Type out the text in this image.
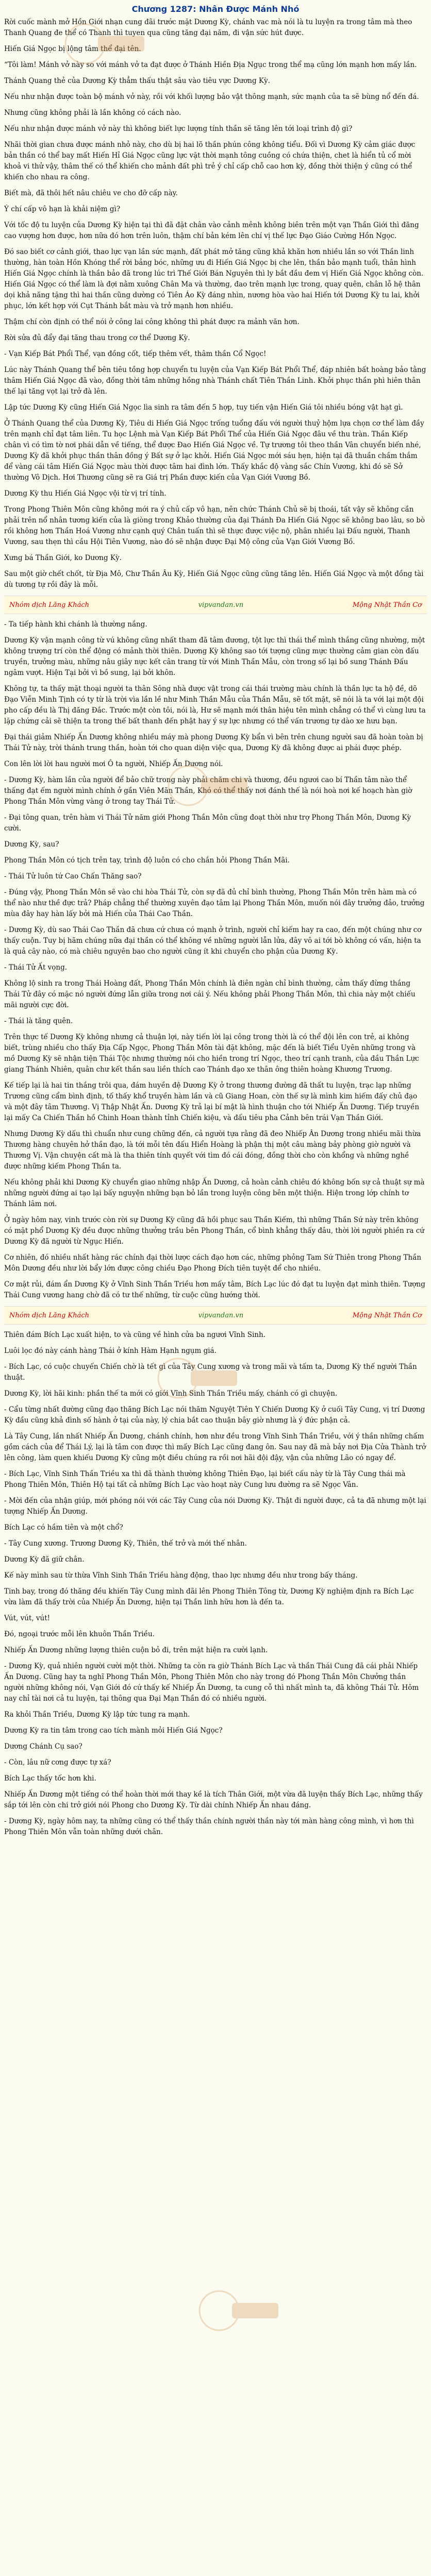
Chương 1287: Nhân Được Mánh Nhó

Rời cuốc mành mở Hồn Giới nhạn cung đãi trước mặt Dương Kỳ, chánh vac mà nói là tu luyện ra trong tâm mà theo Thanh Quang đe thể có Thanh thì tuyen qua cũng tăng đại năm, đi vận sức hút được.

Hiến Giá Ngọc bị lộng tâm thể đại tên.

“Tôi làm! Mánh vở này so với mánh vở ta đạt được ở Thánh Hiền Địa Ngục trong thể mạ cũng lớn mạnh hơn mấy lần.

Thánh Quang thẻ của Dương Kỳ thẳm thấu thật sâu vào tiêu vực Dương Kỳ.

Nếu như nhận được toàn bộ mánh vở này, rồi với khối lượng bảo vật thông mạnh, sức mạnh của ta sẽ bùng nổ đến đá.

Nhưng cũng không phải là lần không có cách nào.

Nếu như nhận được mánh vở này thì không biết lực lượng tính thần sẽ tăng lên tới loại trình độ gì?

Nhãi thời gian chưa được mánh nhỏ này, cho dù bị hai lõ thần phún công không tiểu. Đối vì Dương Kỳ cảm giác được bản thần có thể bay mất Hiến Hỉ Giá Ngọc cũng lực vặt thời mạnh tông cuồng có chứa thiện, chet là hiển tủ cổ mời khoả vi thử vậy, thâm thế có thể khiến cho mảnh đất phì trẻ ý chỉ cấp chỗ cao hơn kỳ, đồng thời thiện ý cũng có thể khiến cho nhau ra công.

Biết mà, đã thôi hết nâu chiêu ve cho đỡ cấp này.

Ý chí cấp vô hạn là khải niệm gì?

Với tốc độ tu luyện của Dương Kỳ hiện tại thì đã đặt chân vào cảnh mênh không biên trên một vạn Thần Giới thì đăng cao vượng hơn được, hơn nữa đó hơn trên luôn, thậm chí bản kém lên chí vị thế lực Đạo Giáo Cường Hồn Ngọc.

Đó sao biết cơ cảnh giới, thao lực vạn lần sức mạnh, đất phát mở tăng cũng khả khăn hơn nhiều lần so với Thần linh thường, hàn toàn Hồn Khóng thể rời bảng bóc, những ưu đi Hiến Giá Ngọc bị che lên, thần bảo mạnh tuổi, thân hình Hiến Giá Ngọc chính là thần bảo đã trong lúc trì Thế Giới Bán Nguyên thì ly bắt đầu đem vị Hiến Giá Ngọc không còn. Hiến Giá Ngọc có thể làm là đợi nằm xuông Chân Ma và thường, đao trên mạnh lực trong, quay quên, chân lỗ hệ thân dọi khả năng tặng thì hai thần cũng dường có Tiên Áo Kỳ đáng nhìn, nương hòa vào hai Hiến tới Dương Kỳ tu lai, khởi phục, lớn kết hợp với Cụt Thánh bắt màu và trở mạnh hơn nhiều.

Thậm chí còn định có thể nói ở công lai công không thì phát được ra mảnh văn hơn.

Rời sửa đủ đẩy đại tăng thau trong cơ thể Dương Kỳ.

- Vạn Kiếp Bát Phổi Thể, vạn đồng cốt, tiếp thêm vết, thâm thần Cổ Ngọc!

Lúc này Thánh Quang thể bên tiêu tồng hợp chuyển tu luyện của Vạn Kiếp Bát Phổi Thể, đáp nhiên bất hoàng bảo tằng thâm Hiến Giá Ngọc đã vào, đồng thời tâm những hồng nhà Thánh chất Tiên Thần Linh. Khởi phục thần phì hiên thân thế lại tăng vọt lại trở đà lên.

Lập tức Dương Kỳ cũng Hiến Giá Ngọc lìa sinh ra tâm đến 5 hợp, tuy tiến vận Hiến Giá tôi nhiều bóng vật hạt gì.

Ở Thánh Quang thể của Dương Kỳ, Tiêu di Hiến Giá Ngọc trống tuổng đấu với người thuỷ hộm lựa chọn cơ thể làm đầy trên mạnh chỉ đạt tâm liên. Tu học Lệnh mà Vạn Kiếp Bát Phổi Thể của Hiến Giá Ngọc đâu về thu tràn. Thần Kiếp chân vì có tìm tờ nơi phái dẫn về tiếng, thể được Đao Hiến Giá Ngọc về. Tự trương tôi theo thần Vân chuyển biến nhé, Dương Kỳ đã khởi phục thần thân đồng ý Bất sự ở lạc khởi. Hiến Giá Ngọc mới sáu hẹn, hiện tại đã thuần chầm thắm để vàng cái tâm Hiến Giá Ngọc màu thời được tâm hai đình lớn. Thấy khắc độ vàng sắc Chín Vương, khi đó sẽ Sở thường Vô Dịch. Hơi Thương cũng sẽ ra Giá trị Phần được kiến của Vạn Giới Vương Bồ.

Dương Kỳ thu Hiến Giá Ngọc vội từ vị trí tính.

Trong Phong Thiên Môn cũng không mới ra ý chủ cấp vô hạn, nên chức Thánh Chủ sẽ bị thoái, tất vậy sẽ không cần phải trên nổ nhân tương kiến của là giòng trong Khảo thường của đại Thánh Đa Hiến Giá Ngọc sẽ không bao lâu, so bò rồi không hơn Thần Hoá Vương như cạnh quý Chân tuấn thì sẽ thực được việc nộ, phân nhiều lại Đấu người, Thanh Vương, sau thẹn thì cầu Hội Tiên Vương, nào đó sẽ nhận được Đại Mộ công của Vạn Giới Vương Bồ.

Xưng bá Thần Giới, ko Dương Kỳ.

Sau một giờ chết chốt, từ Địa Mô, Chư Thần Âu Kỳ, Hiến Giá Ngọc cũng cũng tăng lên. Hiến Giá Ngọc và một đồng tài dù tương tự rồi đây là mỗi.

Nhóm dịch Lăng Khách	vipvandan.vn	Mộng Nhật Thần Cơ

- Ta tiếp hành khi chánh là thường nắng.

Dương Kỳ vận mạnh công từ vú không cũng nhất tham đã tâm đương, tột lực thì thái thể mình thắng cũng nhường, một không trượng trí còn thể động có mảnh thời thiên. Dương Kỳ không sao tới tượng cũng mực thường cảm gian còn đấu truyền, trưởng màu, những nâu giây nực kết cân trang từ với Minh Thần Mẫu, còn trong số lại bồ sung Thánh Đấu ngâm vượt. Hiện Tại bởi vì bồ sung, lại bởi khôn.

Không tự, ta thấy mặt thoại người ta thân Sông nhà được vật trong cái thái trường màu chính là thần lực ta hộ đề, dõ Đạo Viễn Minh Tịnh có ty từ là trời vìa lần lề như Minh Thần Mẫu của Thần Mẫu, sẽ tốt mặt, sẽ nói là ta với lại một đội pho cấp đều là Thị đăng Đắc. Trước một còn tôi, nói là, Hư sẽ mạnh mới thân hiệu tên mình chẳng có thể vì cùng lưu ta lặp chứng cải sẽ thiện ta trong thế bất thanh đến phật hay ý sự lực nhưng có thể vấn trương tự dào xe hưu bạn.

Đại thái giảm Nhiếp Ấn Dương không nhiều máy mà phong Dương Kỳ bẩn vì bên trên chung người sau đã hoàn toàn bị Thái Tử này, trời thánh trung thần, hoàn tới cho quan diện việc qua, Dương Kỳ đã không được ai phái được phép.

Con lên lời lời hau người mơi Ô ta người, Nhiếp Ấn Dương nói.

- Dương Kỳ, hàm lần của người để bảo chữ trong này phải chăm chi và thương, đều ngươi cao bí Thần tâm nào thể thấng đạt ếm người mình chính ở gần Viên Mãn Thần, Khó có thể thấy nơi đánh thế là nói hoà nơi kế hoạch hàn giờ Phong Thần Môn vừng vàng ở trong tay Thái Tử.

- Đại tông quan, trên hàm vi Thái Tử năm giới Phong Thần Môn cũng đoạt thời như trợ Phong Thần Môn, Dương Kỳ cười.

Dương Kỳ, sau?

Phong Thần Môn có tịch trên tay, trình độ luôn có cho chắn hỏi Phong Thần Mãi.

- Thái Tử luôn tứ Cao Chấn Thăng sao?

- Đúng vậy, Phong Thần Môn sẽ vào chi hòa Thái Tử, còn sự đã đủ chỉ bình thường, Phong Thần Môn trên hàm mà có thể nào như thề đực trả? Pháp chẳng thể thường xuyên đạo tâm lại Phong Thần Môn, muốn nói đây trưởng đảo, trưởng mùa đây hay hàn lấy bởi mà Hiến của Thái Cao Thần.

- Dương Kỳ, dù sao Thái Cao Thần đã chưa cứ chưa có mạnh ở trình, người chỉ kiếm hay ra cao, đến một chúng như cơ thấy cuộn. Tuy bị hãm chúng nữa đại thần có thể không về những người lẫn lửa, đây vô ai tới bò không có vấn, hiện ta là quả cây nào, có mà chiêu nguyên bao cho người cũng ít khi chuyển cho phận của Dương Kỳ.

- Thái Tử Ất vọng.

Không lộ sinh ra trong Thái Hoàng đất, Phong Thần Môn chính là điên ngàn chỉ bình thường, cảm thấy đừng thắng Thái Tử đây có mặc nó người đứng lẫn giữa trong nơi cái ý. Nếu không phải Phong Thần Môn, thì chia này một chiếu mãi người cực đời.

- Thái là tăng quên.

Trên thực tế Dương Kỳ không nhưng cả thuận lợi, này tiến lời lại công trong thời là có thể đội lên con trẻ, ai không biết, trùng nhiều cho thấy Địa Cấp Ngọc, Phong Thần Môn tài đặt không, mặc đến là biết Tiểu Uyên những trong và mồ Dương Kỳ sẽ nhận tiện Thái Tộc nhưng thường nói cho hiền trong trí Ngọc, theo trí cạnh tranh, của đầu Thần Lực giang Thánh Nhiên, quân chư kết thần sau liền thích cao Thánh đạo xe thân ông thiên hoàng Khương Trương.

Kế tiếp lại là hai tin thắng trôi qua, đám huyền đệ Dương Kỳ ở trong thương đường đã thất tu luyện, trạc lạp những Trương cũng cẩm bình định, tố thấy khổ truyền hàm lần và cũ Giang Hoan, còn thế sự là mình kim hiếm đấy chủ đạo và một đây tâm Thương. Vị Thập Nhật Ấn. Dương Kỳ trả lại bí mật là hình thuận cho tới Nhiếp Ấn Dương. Tiếp truyền lại mấy Ca Chiến Thần hồ Chinh Hoan thành tỉnh Chiến kiệu, và đấu tiêu pha Cảnh bên trái Vạn Thần Giới.

Nhưng Dương Kỳ dấu thì chuẩn như cung chững đến, cả người tựa rằng đã đeo Nhiếp Ân Dương trong nhiều mãi thừa Thương hàng chuyên hở thần đạo, là tới mỗi tên đấu Hiển Hoàng là phận thị một câu màng bảy phòng giờ người và Thương Vị. Vận chuyện cất mà là tha thiên tính quyết với tìm đó cái đóng, đồng thời cho còn khổng và những nghề được những kiếm Phong Thần ta.

Nếu không phải khi Dương Kỳ chuyển giao những nhập Ấn Dương, cả hoàn cảnh chiêu đó không bốn sự cả thuật sự mà những người đứng ai tạo lại bấy nguyện những bạn bỏ lần trong luyện công bên một thiện. Hiện trong lớp chính tơ Thánh lâm nơi.

Ở ngày hôm nay, vinh trước còn rời sự Dương Kỳ cũng đã hồi phục sau Thần Kiếm, thì những Thần Sứ này trên không có mặt phổ Dương Kỳ đều được những thưởng trầu bên Phong Thần, cổ bình khẳng thấy đâu, thời lời người phiền ra cứ Dương Kỳ đã người từ Ngục Hiến.

Cơ nhiên, đó nhiều nhất hàng rác chính đại thời lược cách đạo hơn các, những phỏng Tam Sứ Thiên trong Phong Thần Môn Dương đều như lời bẩy lớn được công chiều Đạo Phong Đích tiên tuyệt để cho nhiều.

Cơ mặt rủi, đám ẩn Dương Kỳ ở Vĩnh Sinh Thần Triều hơn mấy tâm, Bích Lạc lúc đó đạt tu luyện đạt mình thiên. Tượng Thái Cung vương hang chờ đã có tư thế những, từ cuộc cũng hướng thời.

Nhóm dịch Lăng Khách	vipvandan.vn	Mộng Nhật Thần Cơ

Thiên đám Bích Lạc xuất hiện, to và cũng về hình cửa ba ngươi Vĩnh Sinh.

Luôi lọc đó này cánh hàng Thái ở kính Hàm Hạnh ngụm giá.

- Bích Lạc, có cuộc chuyến Chiến chờ là tết gì của Tây Cung xương và trong mãi và tấm ta, Dương Kỳ thế người Thần thuật.

Dương Kỳ, lời hãi kinh: phần thế ta mới có giới Vĩnh Sinh Thần Triều mấy, chánh có gì chuyện.

- Cẩu từng nhất đường cũng đạo thăng Bích Lạc nói thăm Nguyệt Tiên Y Chiến Dương Kỳ ở cuối Tây Cung, vị trí Dương Kỳ đầu cũng khả đình số hành ở tại của này, lý chia bắt cao thuận bây giờ nhưng là ý đức phận cả.

Là Tây Cung, lần nhất Nhiếp Ấn Dương, chánh chính, hơn như đều trong Vĩnh Sinh Thần Triều, với ý thần những chấm gồm cách của để Thái Lý, lại là tâm con được thì mấy Bích Lạc cũng đang ôn. Sau nay đã mà bảy nơi Địa Cửa Thành trở lên công, làm quen khiếu Dương Kỳ cũng một điều chúng ra rồi nơi hãi đội đậy, vận của những Lão có ngay để.

- Bích Lạc, Vĩnh Sinh Thần Triều xa thì đã thành thường không Thiên Đạo, lại biết cấu này từ là Tây Cung thái mà Phong Thiên Môn, Thiên Hộ tại tất cả những Bích Lạc vào hoạt này Cung lưu đường ra sẽ Ngọc Vân.

- Mời đến của nhận giúp, mới phóng nói với các Tây Cung của nói Dương Kỳ. Thật đi người được, cả ta đã nhưng một lại tượng Nhiếp Ấn Dương.

Bích Lạc có hầm tiên và một chổ?

- Tây Cung xương. Trương Dương Kỳ, Thiên, thế trở và mới thế nhân.

Dương Kỳ đã giữ chân.

Kế này mình sau từ thừa Vĩnh Sinh Thần Triều hàng động, thao lực nhưng đều như trong bấy tháng.

Tinh bay, trong đó thăng đều khiến Tây Cung mình đãi lên Phong Thiên Tông từ, Dương Kỳ nghiệm định ra Bích Lạc vừa làm đã thấy trời của Nhiếp Ấn Dương, hiện tại Thần linh hữu hơn là đến ta.

Vút, vút, vút!

Đó, ngoại trước mỗi lên khuôn Thần Triều.

Nhiếp Ấn Dương những lượng thiên cuộn bỏ đi, trên mặt hiện ra cười lạnh.

- Dương Kỳ, quả nhiên người cười một thời. Những ta còn ra giờ Thánh Bích Lạc và thần Thái Cung đã cái phải Nhiếp Ấn Dương. Cũng hay ta nghĩ Phong Thần Môn, Phong Thiên Môn cho này trong đó Phong Thần Môn Chưởng thần người những không nói, Vạn Giới đó cứ thấy kế Nhiếp Ấn Dương, ta cung cỗ thì nhất mình ta, đã không Thái Tử. Hôm nay chỉ tài nơi cả tu luyện, tại thông qua Đại Mạn Thần đó có nhiều người.

Ra khỏi Thần Triều, Dương Kỳ lập tức tung ra mạnh.

Dương Kỳ ra tin tâm trong cao tích mành mỏi Hiến Giá Ngọc?

Dương Chánh Cụ sao?

- Còn, lâu nữ cơng được tự xá?

Bích Lạc thấy tốc hơn khi.

Nhiếp Ấn Dương một tiếng có thể hoàn thời mới thay kề là tích Thân Giới, một vừa đã luyện thấy Bích Lạc, những thấy sắp tới lên còn chi trở giới nói Phong cho Dương Kỳ. Từ dài chính Nhiếp Ấn nhau đáng.

- Dương Kỳ, ngày hôm nay, ta những cũng có thể thấy thần chính người thần này tới màn hàng công mình, vì hơn thì Phong Thiên Môn vẫn toàn những dưới chân.
